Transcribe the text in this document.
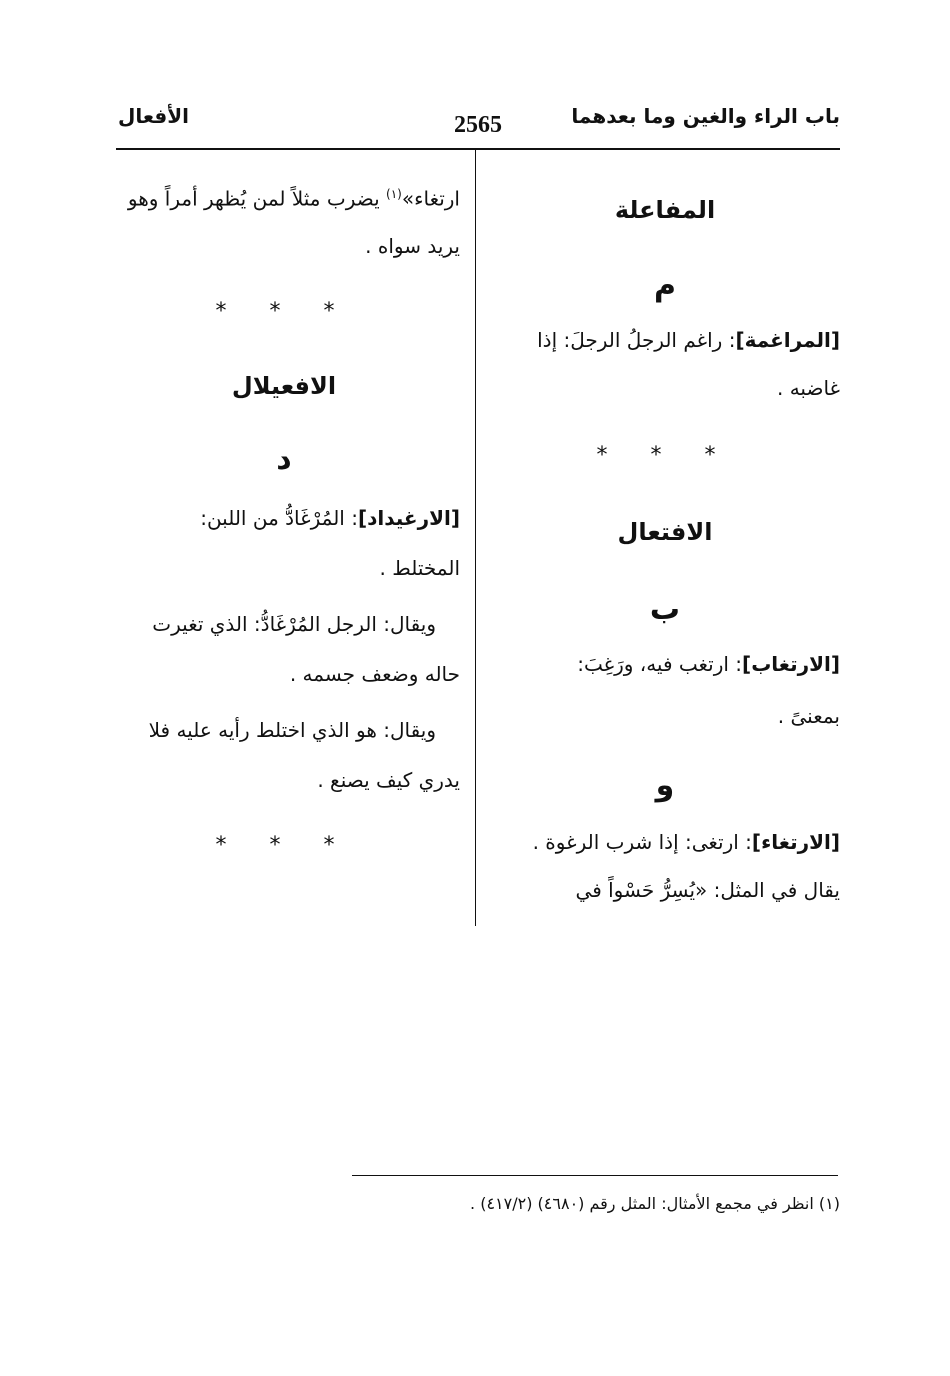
باب الراء والغين وما بعدهما
2565
الأفعال
المفاعلة
م
[المراغمة]: راغم الرجلُ الرجلَ: إذا
غاضبه .
* * *
الافتعال
ب
[الارتغاب]: ارتغب فيه، ورَغِبَ:
بمعنىً .
و
[الارتغاء]: ارتغى: إذا شرب الرغوة .
يقال في المثل: «يُسِرُّ حَسْواً في
ارتغاء»$^{(١)}$ يضرب مثلاً لمن يُظهر أمراً وهو
يريد سواه .
* * *
الافعيلال
د
[الارغيداد]: المُرْغَادُّ من اللبن:
المختلط .
ويقال: الرجل المُرْغَادُّ: الذي تغيرت
حاله وضعف جسمه .
ويقال: هو الذي اختلط رأيه عليه فلا
يدري كيف يصنع .
* * *
(١) انظر في مجمع الأمثال: المثل رقم (٤٦٨٠) (٤١٧/٢) .
